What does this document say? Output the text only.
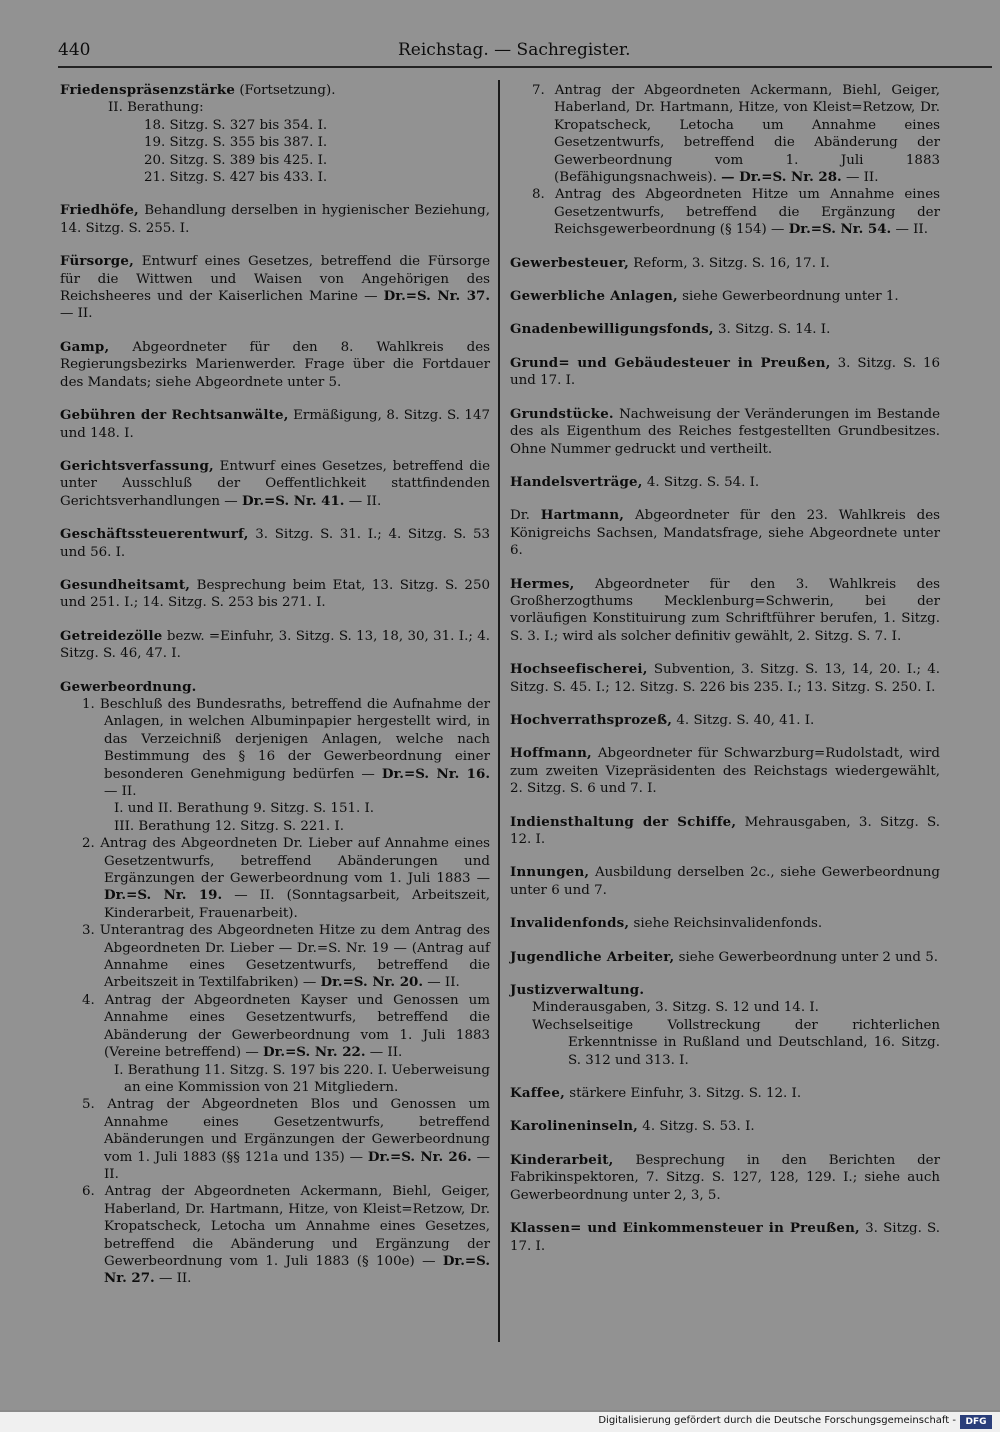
440	Reichstag. — Sachregister.
Friedenspräsenzstärke (Fortsetzung).

II. Berathung:

18. Sitzg. S. 327 bis 354. I.

19. Sitzg. S. 355 bis 387. I.

20. Sitzg. S. 389 bis 425. I.

21. Sitzg. S. 427 bis 433. I.

Friedhöfe, Behandlung derselben in hygienischer Beziehung, 14. Sitzg. S. 255. I.
Fürsorge, Entwurf eines Gesetzes, betreffend die Fürsorge für die Wittwen und Waisen von Angehörigen des Reichsheeres und der Kaiserlichen Marine — Dr.=S. Nr. 37. — II.
Gamp, Abgeordneter für den 8. Wahlkreis des Regierungsbezirks Marienwerder. Frage über die Fortdauer des Mandats; siehe Abgeordnete unter 5.
Gebühren der Rechtsanwälte, Ermäßigung, 8. Sitzg. S. 147 und 148. I.
Gerichtsverfassung, Entwurf eines Gesetzes, betreffend die unter Ausschluß der Oeffentlichkeit stattfindenden Gerichtsverhandlungen — Dr.=S. Nr. 41. — II.
Geschäftssteuerentwurf, 3. Sitzg. S. 31. I.; 4. Sitzg. S. 53 und 56. I.
Gesundheitsamt, Besprechung beim Etat, 13. Sitzg. S. 250 und 251. I.; 14. Sitzg. S. 253 bis 271. I.
Getreidezölle bezw. =Einfuhr, 3. Sitzg. S. 13, 18, 30, 31. I.; 4. Sitzg. S. 46, 47. I.
Gewerbeordnung.

1. Beschluß des Bundesraths, betreffend die Aufnahme der Anlagen, in welchen Albuminpapier hergestellt wird, in das Verzeichniß derjenigen Anlagen, welche nach Bestimmung des § 16 der Gewerbeordnung einer besonderen Genehmigung bedürfen — Dr.=S. Nr. 16. — II.

I. und II. Berathung 9. Sitzg. S. 151. I.

III. Berathung 12. Sitzg. S. 221. I.

2. Antrag des Abgeordneten Dr. Lieber auf Annahme eines Gesetzentwurfs, betreffend Abänderungen und Ergänzungen der Gewerbeordnung vom 1. Juli 1883 — Dr.=S. Nr. 19. — II. (Sonntagsarbeit, Arbeitszeit, Kinderarbeit, Frauenarbeit).

3. Unterantrag des Abgeordneten Hitze zu dem Antrag des Abgeordneten Dr. Lieber — Dr.=S. Nr. 19 — (Antrag auf Annahme eines Gesetzentwurfs, betreffend die Arbeitszeit in Textilfabriken) — Dr.=S. Nr. 20. — II.

4. Antrag der Abgeordneten Kayser und Genossen um Annahme eines Gesetzentwurfs, betreffend die Abänderung der Gewerbeordnung vom 1. Juli 1883 (Vereine betreffend) — Dr.=S. Nr. 22. — II.

I. Berathung 11. Sitzg. S. 197 bis 220. I. Ueberweisung an eine Kommission von 21 Mitgliedern.

5. Antrag der Abgeordneten Blos und Genossen um Annahme eines Gesetzentwurfs, betreffend Abänderungen und Ergänzungen der Gewerbeordnung vom 1. Juli 1883 (§§ 121a und 135) — Dr.=S. Nr. 26. — II.

6. Antrag der Abgeordneten Ackermann, Biehl, Geiger, Haberland, Dr. Hartmann, Hitze, von Kleist=Retzow, Dr. Kropatscheck, Letocha um Annahme eines Gesetzes, betreffend die Abänderung und Ergänzung der Gewerbeordnung vom 1. Juli 1883 (§ 100e) — Dr.=S. Nr. 27. — II.

7. Antrag der Abgeordneten Ackermann, Biehl, Geiger, Haberland, Dr. Hartmann, Hitze, von Kleist=Retzow, Dr. Kropatscheck, Letocha um Annahme eines Gesetzentwurfs, betreffend die Abänderung der Gewerbeordnung vom 1. Juli 1883 (Befähigungsnachweis). — Dr.=S. Nr. 28. — II.

8. Antrag des Abgeordneten Hitze um Annahme eines Gesetzentwurfs, betreffend die Ergänzung der Reichsgewerbeordnung (§ 154) — Dr.=S. Nr. 54. — II.

Gewerbesteuer, Reform, 3. Sitzg. S. 16, 17. I.
Gewerbliche Anlagen, siehe Gewerbeordnung unter 1.
Gnadenbewilligungsfonds, 3. Sitzg. S. 14. I.
Grund= und Gebäudesteuer in Preußen, 3. Sitzg. S. 16 und 17. I.
Grundstücke. Nachweisung der Veränderungen im Bestande des als Eigenthum des Reiches festgestellten Grundbesitzes. Ohne Nummer gedruckt und vertheilt.
Handelsverträge, 4. Sitzg. S. 54. I.
Dr. Hartmann, Abgeordneter für den 23. Wahlkreis des Königreichs Sachsen, Mandatsfrage, siehe Abgeordnete unter 6.
Hermes, Abgeordneter für den 3. Wahlkreis des Großherzogthums Mecklenburg=Schwerin, bei der vorläufigen Konstituirung zum Schriftführer berufen, 1. Sitzg. S. 3. I.; wird als solcher definitiv gewählt, 2. Sitzg. S. 7. I.
Hochseefischerei, Subvention, 3. Sitzg. S. 13, 14, 20. I.; 4. Sitzg. S. 45. I.; 12. Sitzg. S. 226 bis 235. I.; 13. Sitzg. S. 250. I.
Hochverrathsprozeß, 4. Sitzg. S. 40, 41. I.
Hoffmann, Abgeordneter für Schwarzburg=Rudolstadt, wird zum zweiten Vizepräsidenten des Reichstags wiedergewählt, 2. Sitzg. S. 6 und 7. I.
Indiensthaltung der Schiffe, Mehrausgaben, 3. Sitzg. S. 12. I.
Innungen, Ausbildung derselben 2c., siehe Gewerbeordnung unter 6 und 7.
Invalidenfonds, siehe Reichsinvalidenfonds.
Jugendliche Arbeiter, siehe Gewerbeordnung unter 2 und 5.
Justizverwaltung.

Minderausgaben, 3. Sitzg. S. 12 und 14. I.

Wechselseitige Vollstreckung der richterlichen Erkenntnisse in Rußland und Deutschland, 16. Sitzg. S. 312 und 313. I.

Kaffee, stärkere Einfuhr, 3. Sitzg. S. 12. I.
Karolineninseln, 4. Sitzg. S. 53. I.
Kinderarbeit, Besprechung in den Berichten der Fabrikinspektoren, 7. Sitzg. S. 127, 128, 129. I.; siehe auch Gewerbeordnung unter 2, 3, 5.
Klassen= und Einkommensteuer in Preußen, 3. Sitzg. S. 17. I.
Digitalisierung gefördert durch die Deutsche Forschungsgemeinschaft -	DFG
